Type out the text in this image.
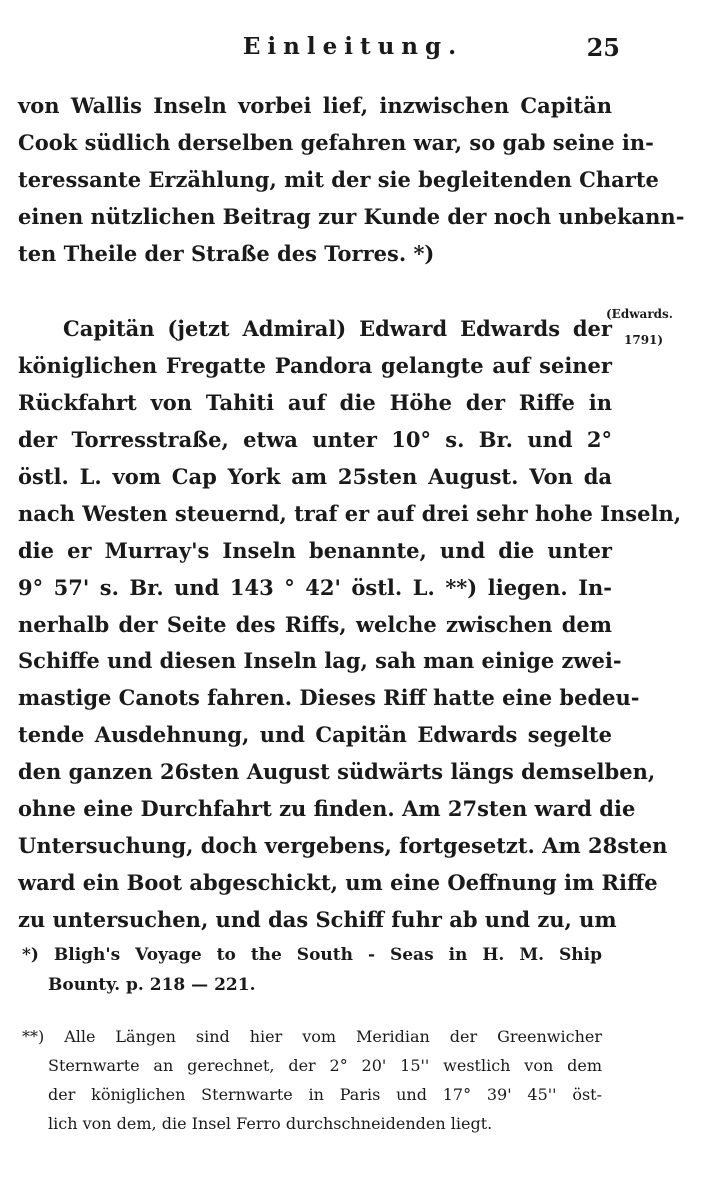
Einleitung.	25
von Wallis Inseln vorbei lief, inzwischen Capitän
Cook südlich derselben gefahren war, so gab seine in-
teressante Erzählung, mit der sie begleitenden Charte
einen nützlichen Beitrag zur Kunde der noch unbekann-
ten Theile der Straße des Torres. *)
Capitän (jetzt Admiral) Edward Edwards der
königlichen Fregatte Pandora gelangte auf seiner
Rückfahrt von Tahiti auf die Höhe der Riffe in
der Torresstraße, etwa unter 10° s. Br. und 2°
östl. L. vom Cap York am 25sten August. Von da
nach Westen steuernd, traf er auf drei sehr hohe Inseln,
die er Murray's Inseln benannte, und die unter
9° 57' s. Br. und 143 ° 42' östl. L. **) liegen. In-
nerhalb der Seite des Riffs, welche zwischen dem
Schiffe und diesen Inseln lag, sah man einige zwei-
mastige Canots fahren. Dieses Riff hatte eine bedeu-
tende Ausdehnung, und Capitän Edwards segelte
den ganzen 26sten August südwärts längs demselben,
ohne eine Durchfahrt zu finden. Am 27sten ward die
Untersuchung, doch vergebens, fortgesetzt. Am 28sten
ward ein Boot abgeschickt, um eine Oeffnung im Riffe
zu untersuchen, und das Schiff fuhr ab und zu, um
(Edwards.
1791)
*) Bligh's Voyage to the South - Seas in H. M. Ship
Bounty. p. 218 — 221.
**) Alle Längen sind hier vom Meridian der Greenwicher
Sternwarte an gerechnet, der 2° 20' 15'' westlich von dem
der königlichen Sternwarte in Paris und 17° 39' 45'' öst-
lich von dem, die Insel Ferro durchschneidenden liegt.
